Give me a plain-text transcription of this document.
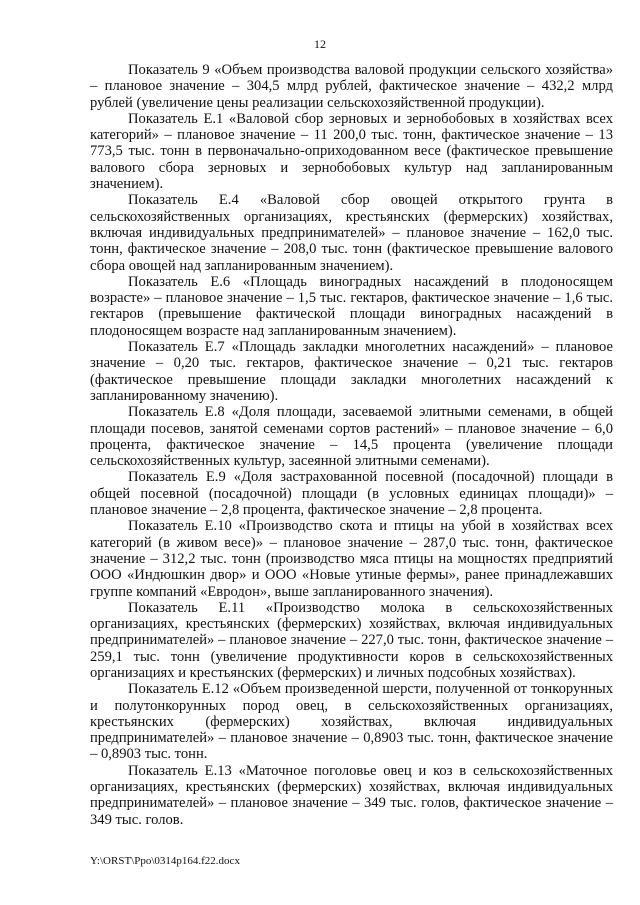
12

Показатель 9 «Объем производства валовой продукции сельского хозяйства» – плановое значение – 304,5 млрд рублей, фактическое значение – 432,2 млрд рублей (увеличение цены реализации сельскохозяйственной продукции).

Показатель Е.1 «Валовой сбор зерновых и зернобобовых в хозяйствах всех категорий» – плановое значение – 11 200,0 тыс. тонн, фактическое значение – 13 773,5 тыс. тонн в первоначально-оприходованном весе (фактическое превышение валового сбора зерновых и зернобобовых культур над запланированным значением).

Показатель Е.4 «Валовой сбор овощей открытого грунта в сельскохозяйственных организациях, крестьянских (фермерских) хозяйствах, включая индивидуальных предпринимателей» – плановое значение – 162,0 тыс. тонн, фактическое значение – 208,0 тыс. тонн (фактическое превышение валового сбора овощей над запланированным значением).

Показатель Е.6 «Площадь виноградных насаждений в плодоносящем возрасте» – плановое значение – 1,5 тыс. гектаров, фактическое значение – 1,6 тыс. гектаров (превышение фактической площади виноградных насаждений в плодоносящем возрасте над запланированным значением).

Показатель Е.7 «Площадь закладки многолетних насаждений» – плановое значение – 0,20 тыс. гектаров, фактическое значение – 0,21 тыс. гектаров (фактическое превышение площади закладки многолетних насаждений к запланированному значению).

Показатель Е.8 «Доля площади, засеваемой элитными семенами, в общей площади посевов, занятой семенами сортов растений» – плановое значение – 6,0 процента, фактическое значение – 14,5 процента (увеличение площади сельскохозяйственных культур, засеянной элитными семенами).

Показатель Е.9 «Доля застрахованной посевной (посадочной) площади в общей посевной (посадочной) площади (в условных единицах площади)» – плановое значение – 2,8 процента, фактическое значение – 2,8 процента.

Показатель Е.10 «Производство скота и птицы на убой в хозяйствах всех категорий (в живом весе)» – плановое значение – 287,0 тыс. тонн, фактическое значение – 312,2 тыс. тонн (производство мяса птицы на мощностях предприятий ООО «Индюшкин двор» и ООО «Новые утиные фермы», ранее принадлежавших группе компаний «Евродон», выше запланированного значения).

Показатель Е.11 «Производство молока в сельскохозяйственных организациях, крестьянских (фермерских) хозяйствах, включая индивидуальных предпринимателей» – плановое значение – 227,0 тыс. тонн, фактическое значение – 259,1 тыс. тонн (увеличение продуктивности коров в сельскохозяйственных организациях и крестьянских (фермерских) и личных подсобных хозяйствах).

Показатель Е.12 «Объем произведенной шерсти, полученной от тонкорунных и полутонкорунных пород овец, в сельскохозяйственных организациях, крестьянских (фермерских) хозяйствах, включая индивидуальных предпринимателей» – плановое значение – 0,8903 тыс. тонн, фактическое значение – 0,8903 тыс. тонн.

Показатель Е.13 «Маточное поголовье овец и коз в сельскохозяйственных организациях, крестьянских (фермерских) хозяйствах, включая индивидуальных предпринимателей» – плановое значение – 349 тыс. голов, фактическое значение – 349 тыс. голов.

Y:\ORST\Ppo\0314p164.f22.docx
